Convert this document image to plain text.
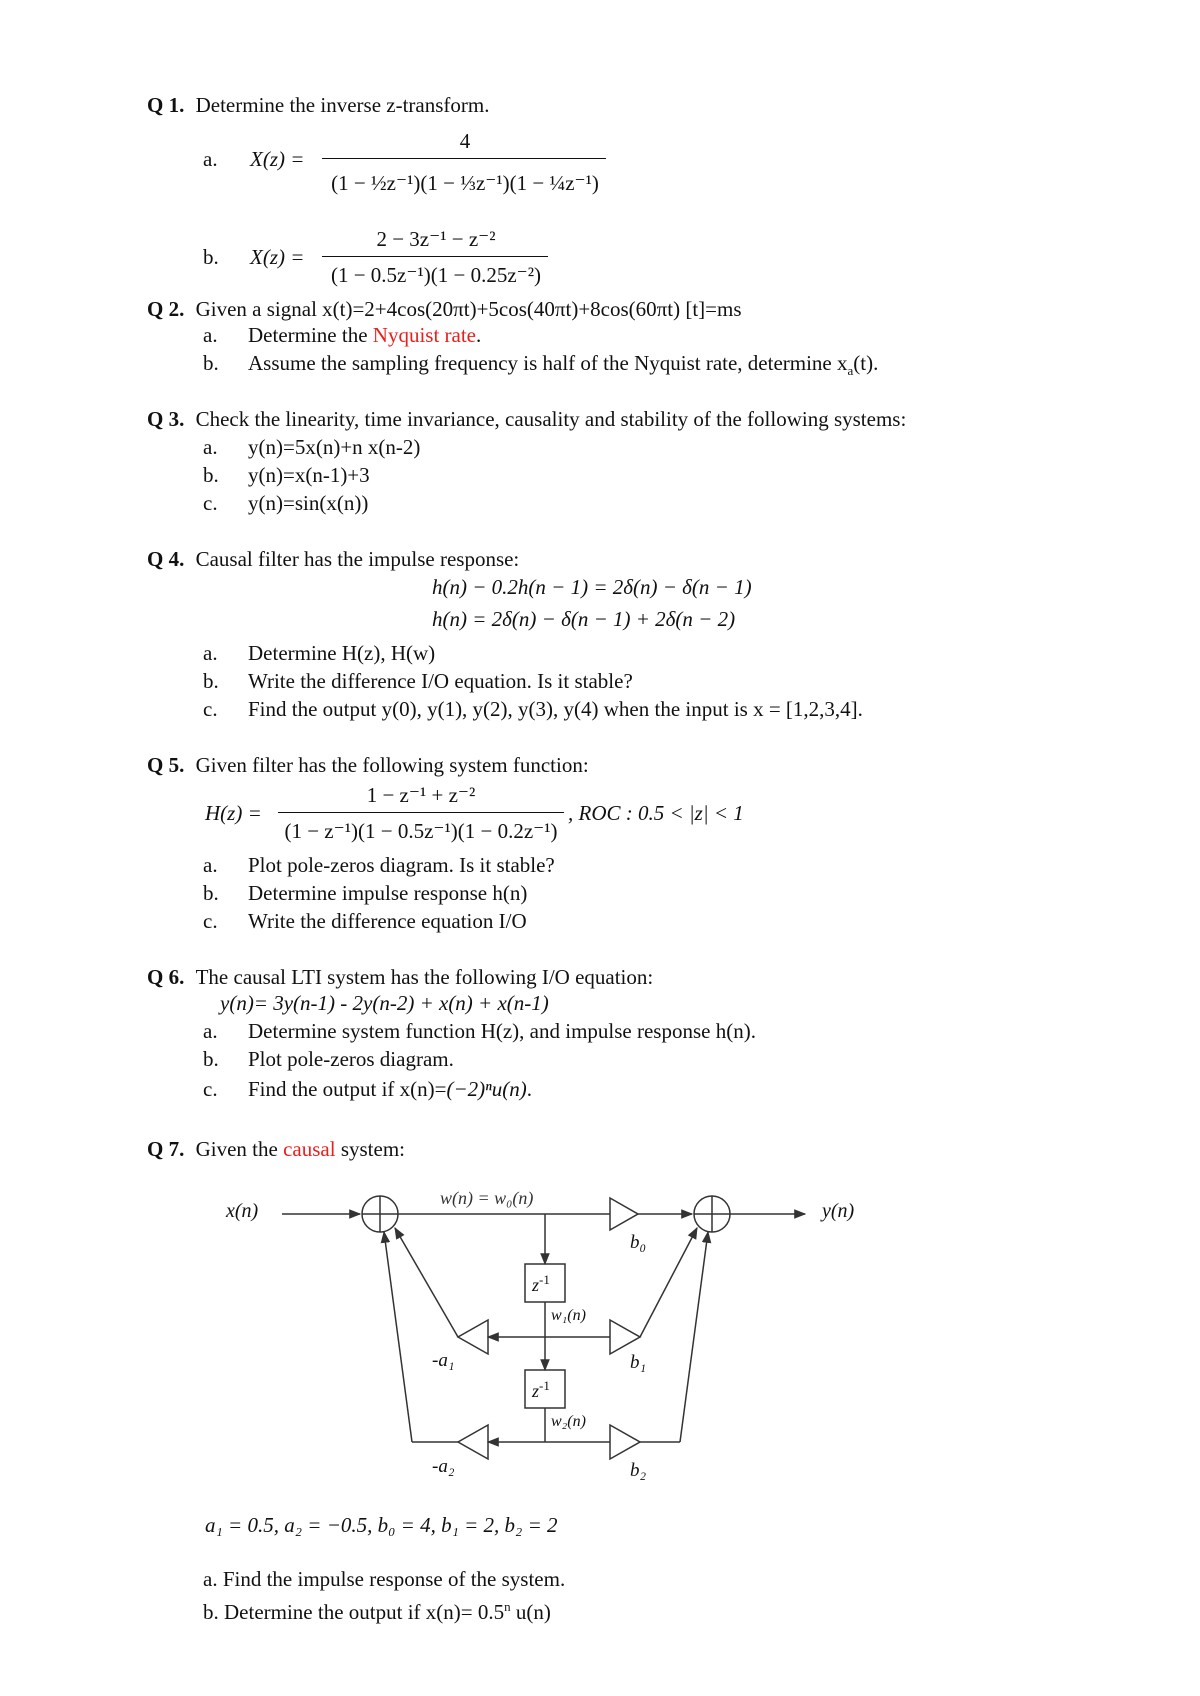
Q 1. Determine the inverse z-transform.
a. X(z) =
4
(1 − ½z⁻¹)(1 − ⅓z⁻¹)(1 − ¼z⁻¹)
b. X(z) =
2 − 3z⁻¹ − z⁻²
(1 − 0.5z⁻¹)(1 − 0.25z⁻²)
Q 2. Given a signal x(t)=2+4cos(20πt)+5cos(40πt)+8cos(60πt) [t]=ms
a. Determine the Nyquist rate.
b. Assume the sampling frequency is half of the Nyquist rate, determine $x_a(t)$.
Q 3. Check the linearity, time invariance, causality and stability of the following systems:
a. y(n)=5x(n)+n x(n-2)
b. y(n)=x(n-1)+3
c. y(n)=sin(x(n))
Q 4. Causal filter has the impulse response:
h(n) − 0.2h(n − 1) = 2δ(n) − δ(n − 1)
h(n) = 2δ(n) − δ(n − 1) + 2δ(n − 2)
a. Determine H(z), H(w)
b. Write the difference I/O equation. Is it stable?
c. Find the output y(0), y(1), y(2), y(3), y(4) when the input is x = [1,2,3,4].
Q 5. Given filter has the following system function:
H(z) =
1 − z⁻¹ + z⁻²
(1 − z⁻¹)(1 − 0.5z⁻¹)(1 − 0.2z⁻¹)
, ROC : 0.5 < |z| < 1
a. Plot pole-zeros diagram. Is it stable?
b. Determine impulse response h(n)
c. Write the difference equation I/O
Q 6. The causal LTI system has the following I/O equation:
y(n)= 3y(n-1) - 2y(n-2) + x(n) + x(n-1)
a. Determine system function H(z), and impulse response h(n).
b. Plot pole-zeros diagram.
c. Find the output if x(n)=(−2)ⁿu(n).
Q 7. Given the causal system:
x(n)	y(n)
w(n) = w₀(n)
b₀
$z^{-1}$
w₁(n)
-a₁	b₁
$z^{-1}$
w₂(n)
-a₂	b₂
a₁ = 0.5, a₂ = −0.5, b₀ = 4, b₁ = 2, b₂ = 2
a. Find the impulse response of the system.
b. Determine the output if $x(n)= 0.5^n$ u(n)
